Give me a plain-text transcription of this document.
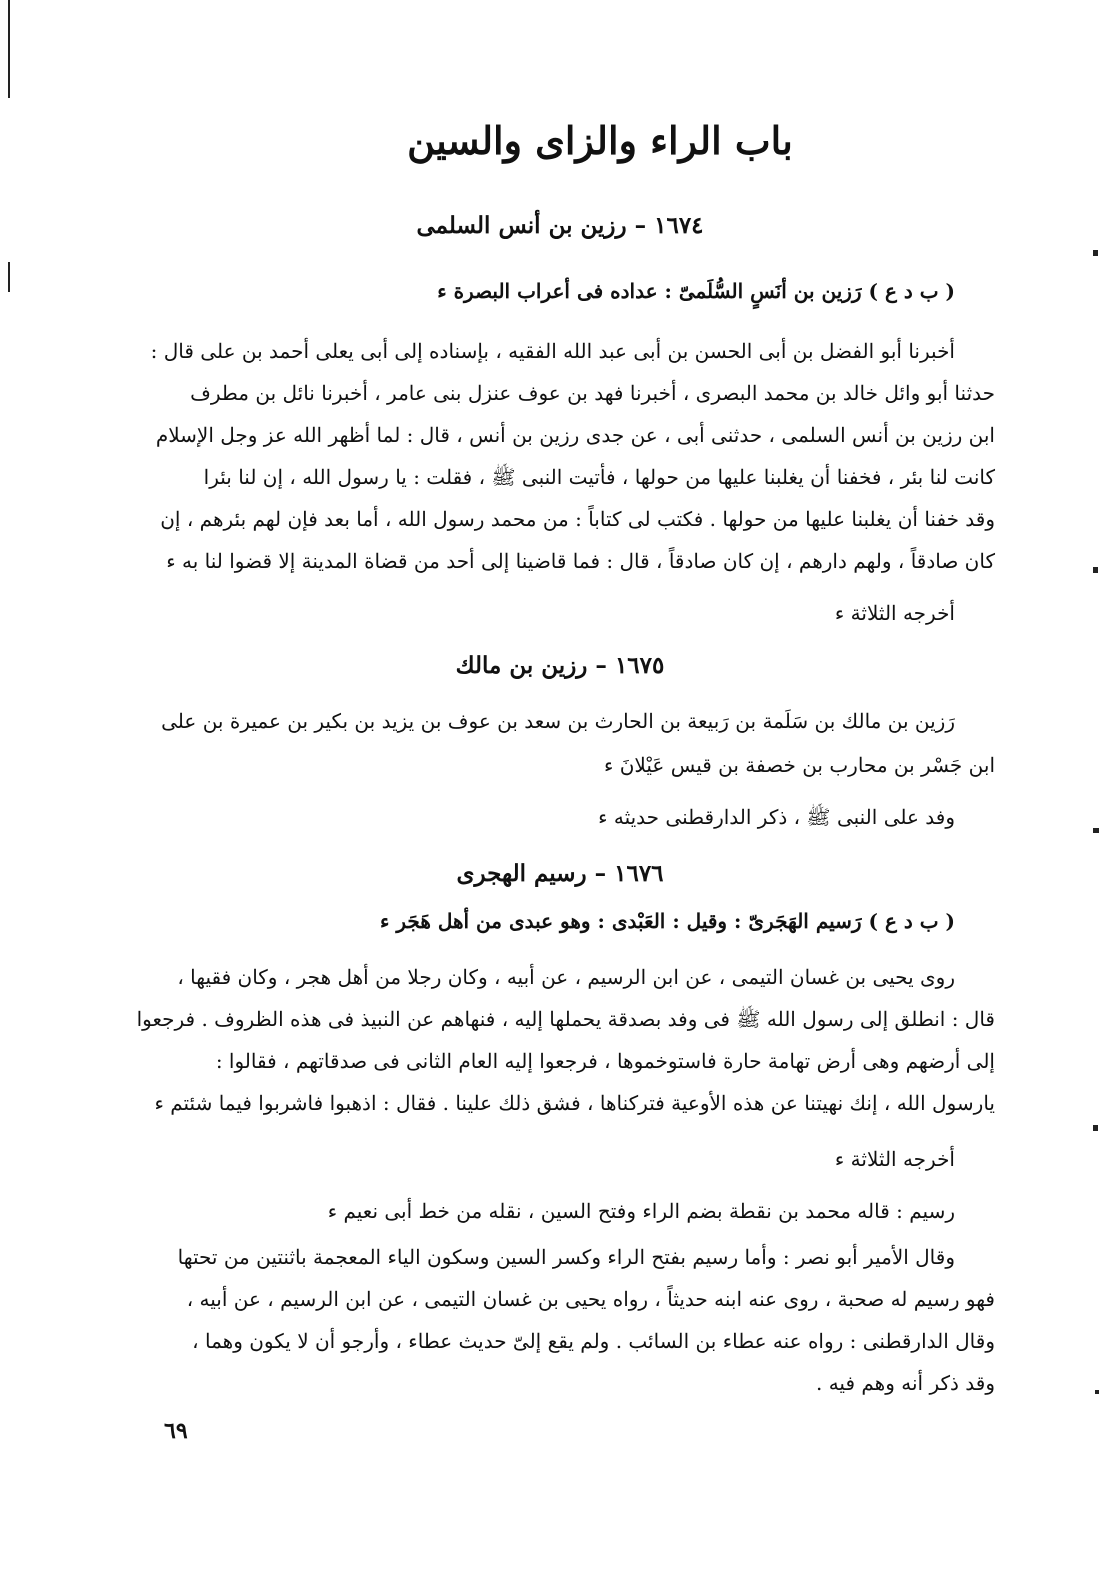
باب الراء والزاى والسين
١٦٧٤ – رزين بن أنس السلمى
( ب د ع ) رَزين بن أنَسٍ السُّلَمىّ : عداده فى أعراب البصرة ء
أخبرنا أبو الفضل بن أبى الحسن بن أبى عبد الله الفقيه ، بإسناده إلى أبى يعلى أحمد بن على قال :
حدثنا أبو وائل خالد بن محمد البصرى ، أخبرنا فهد بن عوف عنزل بنى عامر ، أخبرنا نائل بن مطرف
ابن رزين بن أنس السلمى ، حدثنى أبى ، عن جدى رزين بن أنس ، قال : لما أظهر الله عز وجل الإسلام
كانت لنا بئر ، فخفنا أن يغلبنا عليها من حولها ، فأتيت النبى ﷺ ، فقلت : يا رسول الله ، إن لنا بئرا
وقد خفنا أن يغلبنا عليها من حولها . فكتب لى كتاباً : من محمد رسول الله ، أما بعد فإن لهم بئرهم ، إن
كان صادقاً ، ولهم دارهم ، إن كان صادقاً ، قال : فما قاضينا إلى أحد من قضاة المدينة إلا قضوا لنا به ء
أخرجه الثلاثة ء
١٦٧٥ – رزين بن مالك
رَزين بن مالك بن سَلَمة بن رَبيعة بن الحارث بن سعد بن عوف بن يزيد بن بكير بن عميرة بن على
ابن جَسْر بن محارب بن خصفة بن قيس عَيْلانَ ء
وفد على النبى ﷺ ، ذكر الدارقطنى حديثه ء
١٦٧٦ – رسيم الهجرى
( ب د ع ) رَسيم الهَجَرىّ : وقيل : العَبْدى : وهو عبدى من أهل هَجَر ء
روى يحيى بن غسان التيمى ، عن ابن الرسيم ، عن أبيه ، وكان رجلا من أهل هجر ، وكان فقيها ،
قال : انطلق إلى رسول الله ﷺ فى وفد بصدقة يحملها إليه ، فنهاهم عن النبيذ فى هذه الظروف . فرجعوا
إلى أرضهم وهى أرض تهامة حارة فاستوخموها ، فرجعوا إليه العام الثانى فى صدقاتهم ، فقالوا :
يارسول الله ، إنك نهيتنا عن هذه الأوعية فتركناها ، فشق ذلك علينا . فقال : اذهبوا فاشربوا فيما شئتم ء
أخرجه الثلاثة ء
رسيم : قاله محمد بن نقطة بضم الراء وفتح السين ، نقله من خط أبى نعيم ء
وقال الأمير أبو نصر : وأما رسيم بفتح الراء وكسر السين وسكون الياء المعجمة باثنتين من تحتها
فهو رسيم له صحبة ، روى عنه ابنه حديثاً ، رواه يحيى بن غسان التيمى ، عن ابن الرسيم ، عن أبيه ،
وقال الدارقطنى : رواه عنه عطاء بن السائب . ولم يقع إلىّ حديث عطاء ، وأرجو أن لا يكون وهما ،
وقد ذكر أنه وهم فيه .
٦٩
